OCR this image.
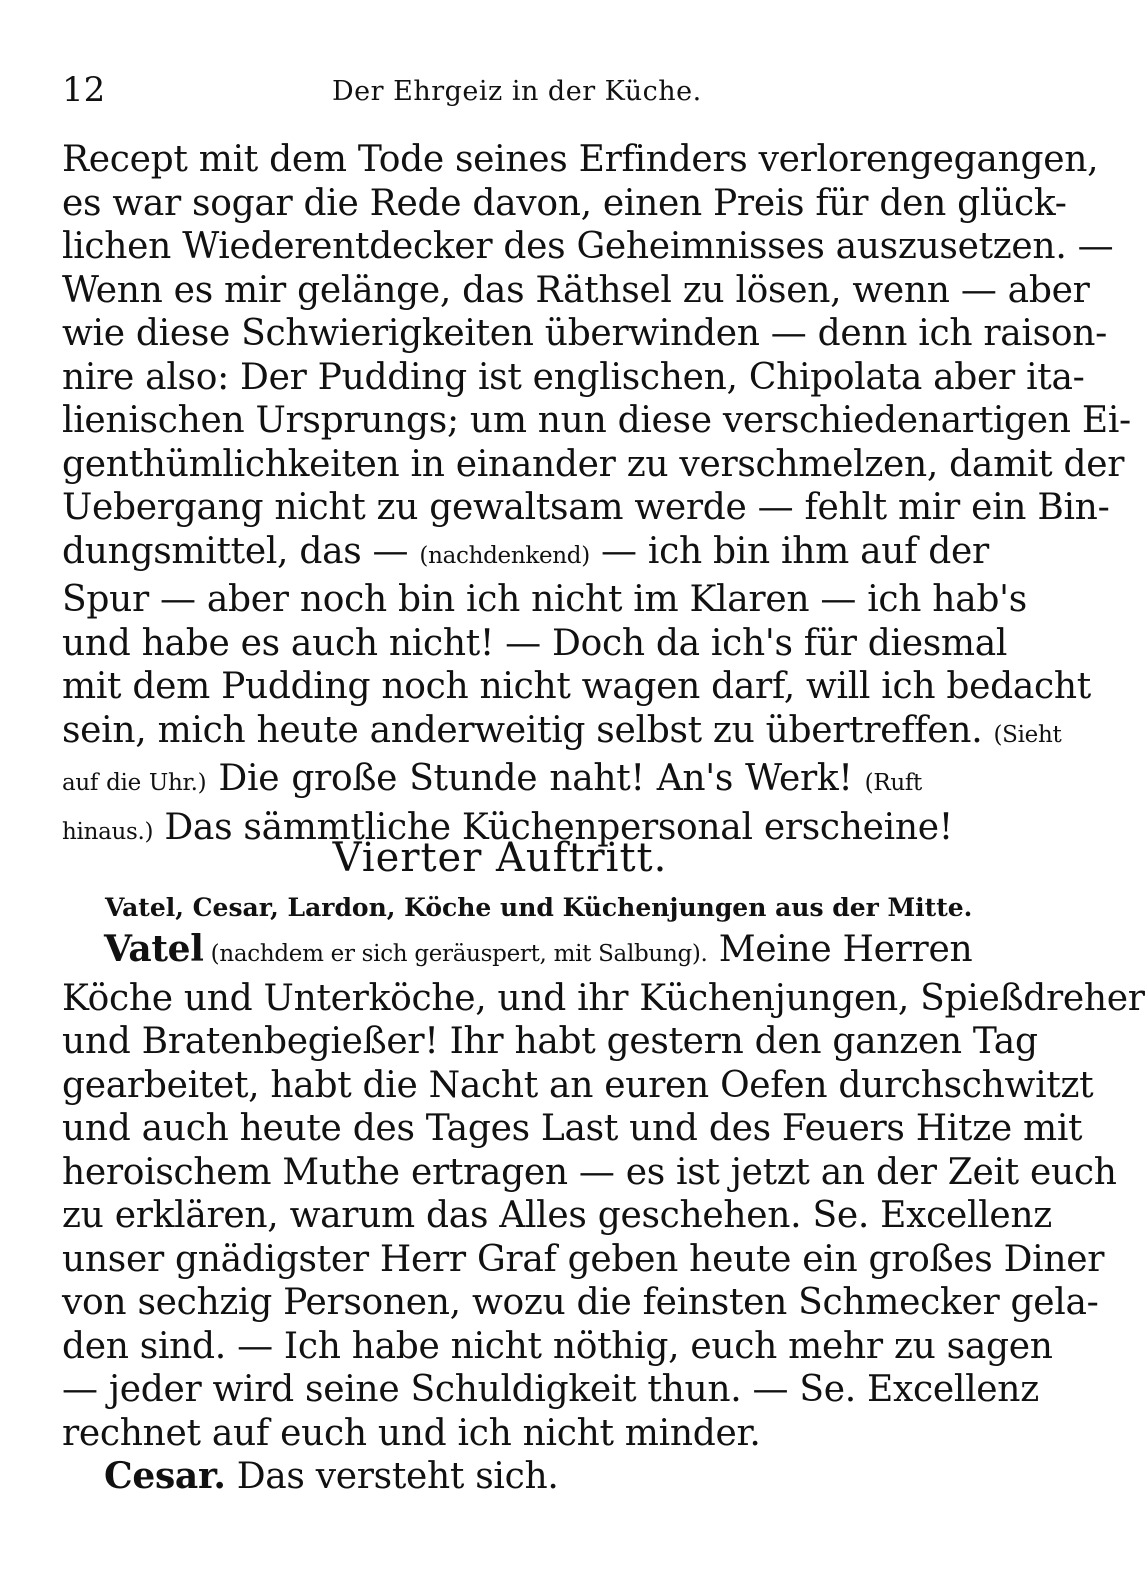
12	Der Ehrgeiz in der Küche.
Recept mit dem Tode seines Erfinders verlorengegangen,
es war sogar die Rede davon, einen Preis für den glück-
lichen Wiederentdecker des Geheimnisses auszusetzen. —
Wenn es mir gelänge, das Räthsel zu lösen, wenn — aber
wie diese Schwierigkeiten überwinden — denn ich raison-
nire also: Der Pudding ist englischen, Chipolata aber ita-
lienischen Ursprungs; um nun diese verschiedenartigen Ei-
genthümlichkeiten in einander zu verschmelzen, damit der
Uebergang nicht zu gewaltsam werde — fehlt mir ein Bin-
dungsmittel, das — (nachdenkend) — ich bin ihm auf der
Spur — aber noch bin ich nicht im Klaren — ich hab's
und habe es auch nicht! — Doch da ich's für diesmal
mit dem Pudding noch nicht wagen darf, will ich bedacht
sein, mich heute anderweitig selbst zu übertreffen. (Sieht
auf die Uhr.) Die große Stunde naht! An's Werk! (Ruft
hinaus.) Das sämmtliche Küchenpersonal erscheine!
Vierter Auftritt.
Vatel, Cesar, Lardon, Köche und Küchenjungen aus der Mitte.
Vatel (nachdem er sich geräuspert, mit Salbung). Meine Herren
Köche und Unterköche, und ihr Küchenjungen, Spießdreher
und Bratenbegießer! Ihr habt gestern den ganzen Tag
gearbeitet, habt die Nacht an euren Oefen durchschwitzt
und auch heute des Tages Last und des Feuers Hitze mit
heroischem Muthe ertragen — es ist jetzt an der Zeit euch
zu erklären, warum das Alles geschehen. Se. Excellenz
unser gnädigster Herr Graf geben heute ein großes Diner
von sechzig Personen, wozu die feinsten Schmecker gela-
den sind. — Ich habe nicht nöthig, euch mehr zu sagen
— jeder wird seine Schuldigkeit thun. — Se. Excellenz
rechnet auf euch und ich nicht minder.
Cesar. Das versteht sich.
